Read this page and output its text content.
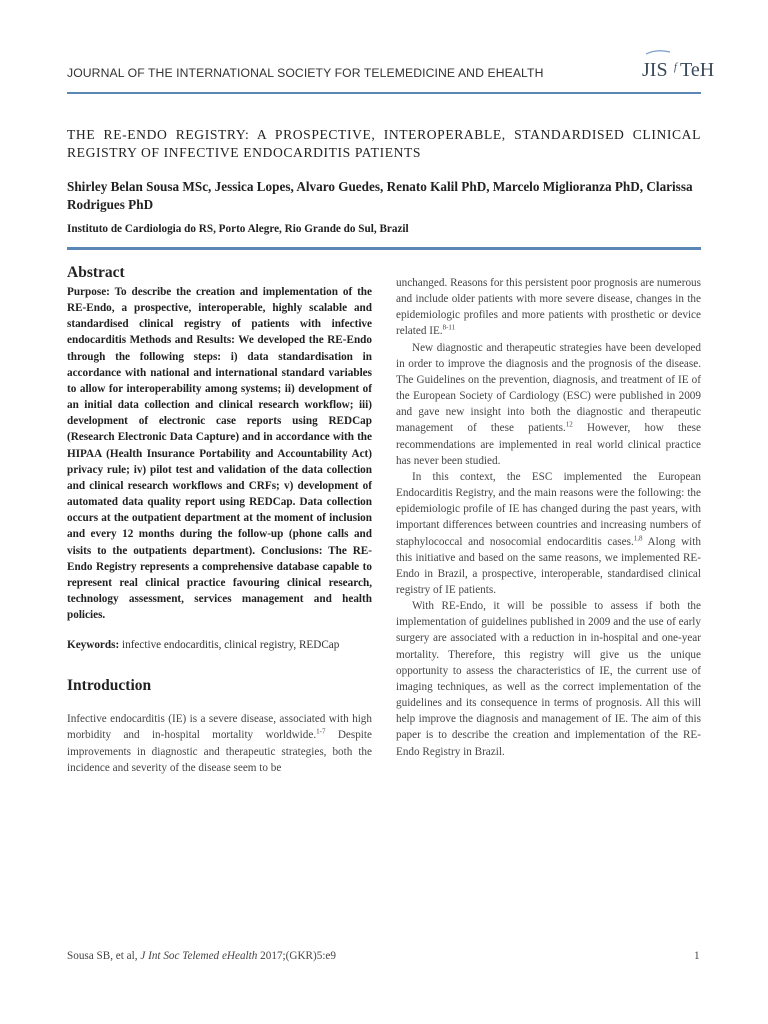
JOURNAL OF THE INTERNATIONAL SOCIETY FOR TELEMEDICINE AND EHEALTH	JIS f TeH
THE RE-ENDO REGISTRY: A PROSPECTIVE, INTEROPERABLE, STANDARDISED CLINICAL REGISTRY OF INFECTIVE ENDOCARDITIS PATIENTS
Shirley Belan Sousa MSc, Jessica Lopes, Alvaro Guedes, Renato Kalil PhD, Marcelo Miglioranza PhD, Clarissa Rodrigues PhD
Instituto de Cardiologia do RS, Porto Alegre, Rio Grande do Sul, Brazil
Abstract

Purpose: To describe the creation and implementation of the RE-Endo, a prospective, interoperable, highly scalable and standardised clinical registry of patients with infective endocarditis Methods and Results: We developed the RE-Endo through the following steps: i) data standardisation in accordance with national and international standard variables to allow for interoperability among systems; ii) development of an initial data collection and clinical research workflow; iii) development of electronic case reports using REDCap (Research Electronic Data Capture) and in accordance with the HIPAA (Health Insurance Portability and Accountability Act) privacy rule; iv) pilot test and validation of the data collection and clinical research workflows and CRFs; v) development of automated data quality report using REDCap. Data collection occurs at the outpatient department at the moment of inclusion and every 12 months during the follow-up (phone calls and visits to the outpatients department). Conclusions: The RE-Endo Registry represents a comprehensive database capable to represent real clinical practice favouring clinical research, technology assessment, services management and health policies.

Keywords: infective endocarditis, clinical registry, REDCap

Introduction

Infective endocarditis (IE) is a severe disease, associated with high morbidity and in-hospital mortality worldwide.$^{1-7}$ Despite improvements in diagnostic and therapeutic strategies, both the incidence and severity of the disease seem to be

unchanged. Reasons for this persistent poor prognosis are numerous and include older patients with more severe disease, changes in the epidemiologic profiles and more patients with prosthetic or device related IE.$^{8-11}$

New diagnostic and therapeutic strategies have been developed in order to improve the diagnosis and the prognosis of the disease. The Guidelines on the prevention, diagnosis, and treatment of IE of the European Society of Cardiology (ESC) were published in 2009 and gave new insight into both the diagnostic and therapeutic management of these patients.$^{12}$ However, how these recommendations are implemented in real world clinical practice has never been studied.

In this context, the ESC implemented the European Endocarditis Registry, and the main reasons were the following: the epidemiologic profile of IE has changed during the past years, with important differences between countries and increasing numbers of staphylococcal and nosocomial endocarditis cases.$^{1,8}$ Along with this initiative and based on the same reasons, we implemented RE-Endo in Brazil, a prospective, interoperable, standardised clinical registry of IE patients.

With RE-Endo, it will be possible to assess if both the implementation of guidelines published in 2009 and the use of early surgery are associated with a reduction in in-hospital and one-year mortality. Therefore, this registry will give us the unique opportunity to assess the characteristics of IE, the current use of imaging techniques, as well as the correct implementation of the guidelines and its consequence in terms of prognosis. All this will help improve the diagnosis and management of IE. The aim of this paper is to describe the creation and implementation of the RE-Endo Registry in Brazil.

Sousa SB, et al, J Int Soc Telemed eHealth 2017;(GKR)5:e9	1
